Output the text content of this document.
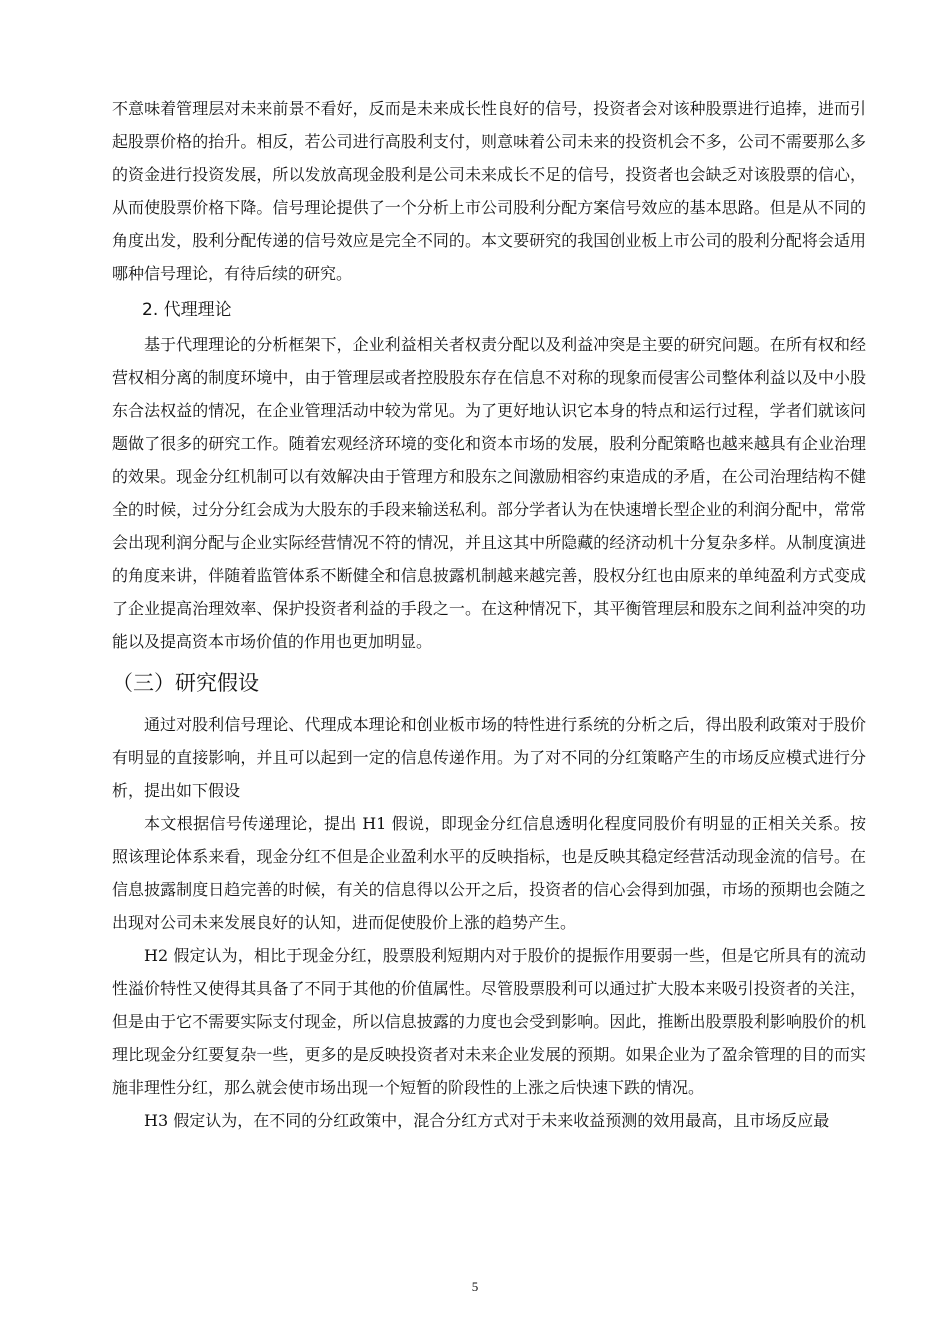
不意味着管理层对未来前景不看好，反而是未来成长性良好的信号，投资者会对该种股票进行追捧，进而引起股票价格的抬升。相反，若公司进行高股利支付，则意味着公司未来的投资机会不多，公司不需要那么多的资金进行投资发展，所以发放高现金股利是公司未来成长不足的信号，投资者也会缺乏对该股票的信心，从而使股票价格下降。信号理论提供了一个分析上市公司股利分配方案信号效应的基本思路。但是从不同的角度出发，股利分配传递的信号效应是完全不同的。本文要研究的我国创业板上市公司的股利分配将会适用哪种信号理论，有待后续的研究。

2. 代理理论

基于代理理论的分析框架下，企业利益相关者权责分配以及利益冲突是主要的研究问题。在所有权和经营权相分离的制度环境中，由于管理层或者控股股东存在信息不对称的现象而侵害公司整体利益以及中小股东合法权益的情况，在企业管理活动中较为常见。为了更好地认识它本身的特点和运行过程，学者们就该问题做了很多的研究工作。随着宏观经济环境的变化和资本市场的发展，股利分配策略也越来越具有企业治理的效果。现金分红机制可以有效解决由于管理方和股东之间激励相容约束造成的矛盾，在公司治理结构不健全的时候，过分分红会成为大股东的手段来输送私利。部分学者认为在快速增长型企业的利润分配中，常常会出现利润分配与企业实际经营情况不符的情况，并且这其中所隐藏的经济动机十分复杂多样。从制度演进的角度来讲，伴随着监管体系不断健全和信息披露机制越来越完善，股权分红也由原来的单纯盈利方式变成了企业提高治理效率、保护投资者利益的手段之一。在这种情况下，其平衡管理层和股东之间利益冲突的功能以及提高资本市场价值的作用也更加明显。

（三）研究假设

通过对股利信号理论、代理成本理论和创业板市场的特性进行系统的分析之后，得出股利政策对于股价有明显的直接影响，并且可以起到一定的信息传递作用。为了对不同的分红策略产生的市场反应模式进行分析，提出如下假设

本文根据信号传递理论，提出 H1 假说，即现金分红信息透明化程度同股价有明显的正相关关系。按照该理论体系来看，现金分红不但是企业盈利水平的反映指标，也是反映其稳定经营活动现金流的信号。在信息披露制度日趋完善的时候，有关的信息得以公开之后，投资者的信心会得到加强，市场的预期也会随之出现对公司未来发展良好的认知，进而促使股价上涨的趋势产生。

H2 假定认为，相比于现金分红，股票股利短期内对于股价的提振作用要弱一些，但是它所具有的流动性溢价特性又使得其具备了不同于其他的价值属性。尽管股票股利可以通过扩大股本来吸引投资者的关注，但是由于它不需要实际支付现金，所以信息披露的力度也会受到影响。因此，推断出股票股利影响股价的机理比现金分红要复杂一些，更多的是反映投资者对未来企业发展的预期。如果企业为了盈余管理的目的而实施非理性分红，那么就会使市场出现一个短暂的阶段性的上涨之后快速下跌的情况。

H3 假定认为，在不同的分红政策中，混合分红方式对于未来收益预测的效用最高，且市场反应最

5
